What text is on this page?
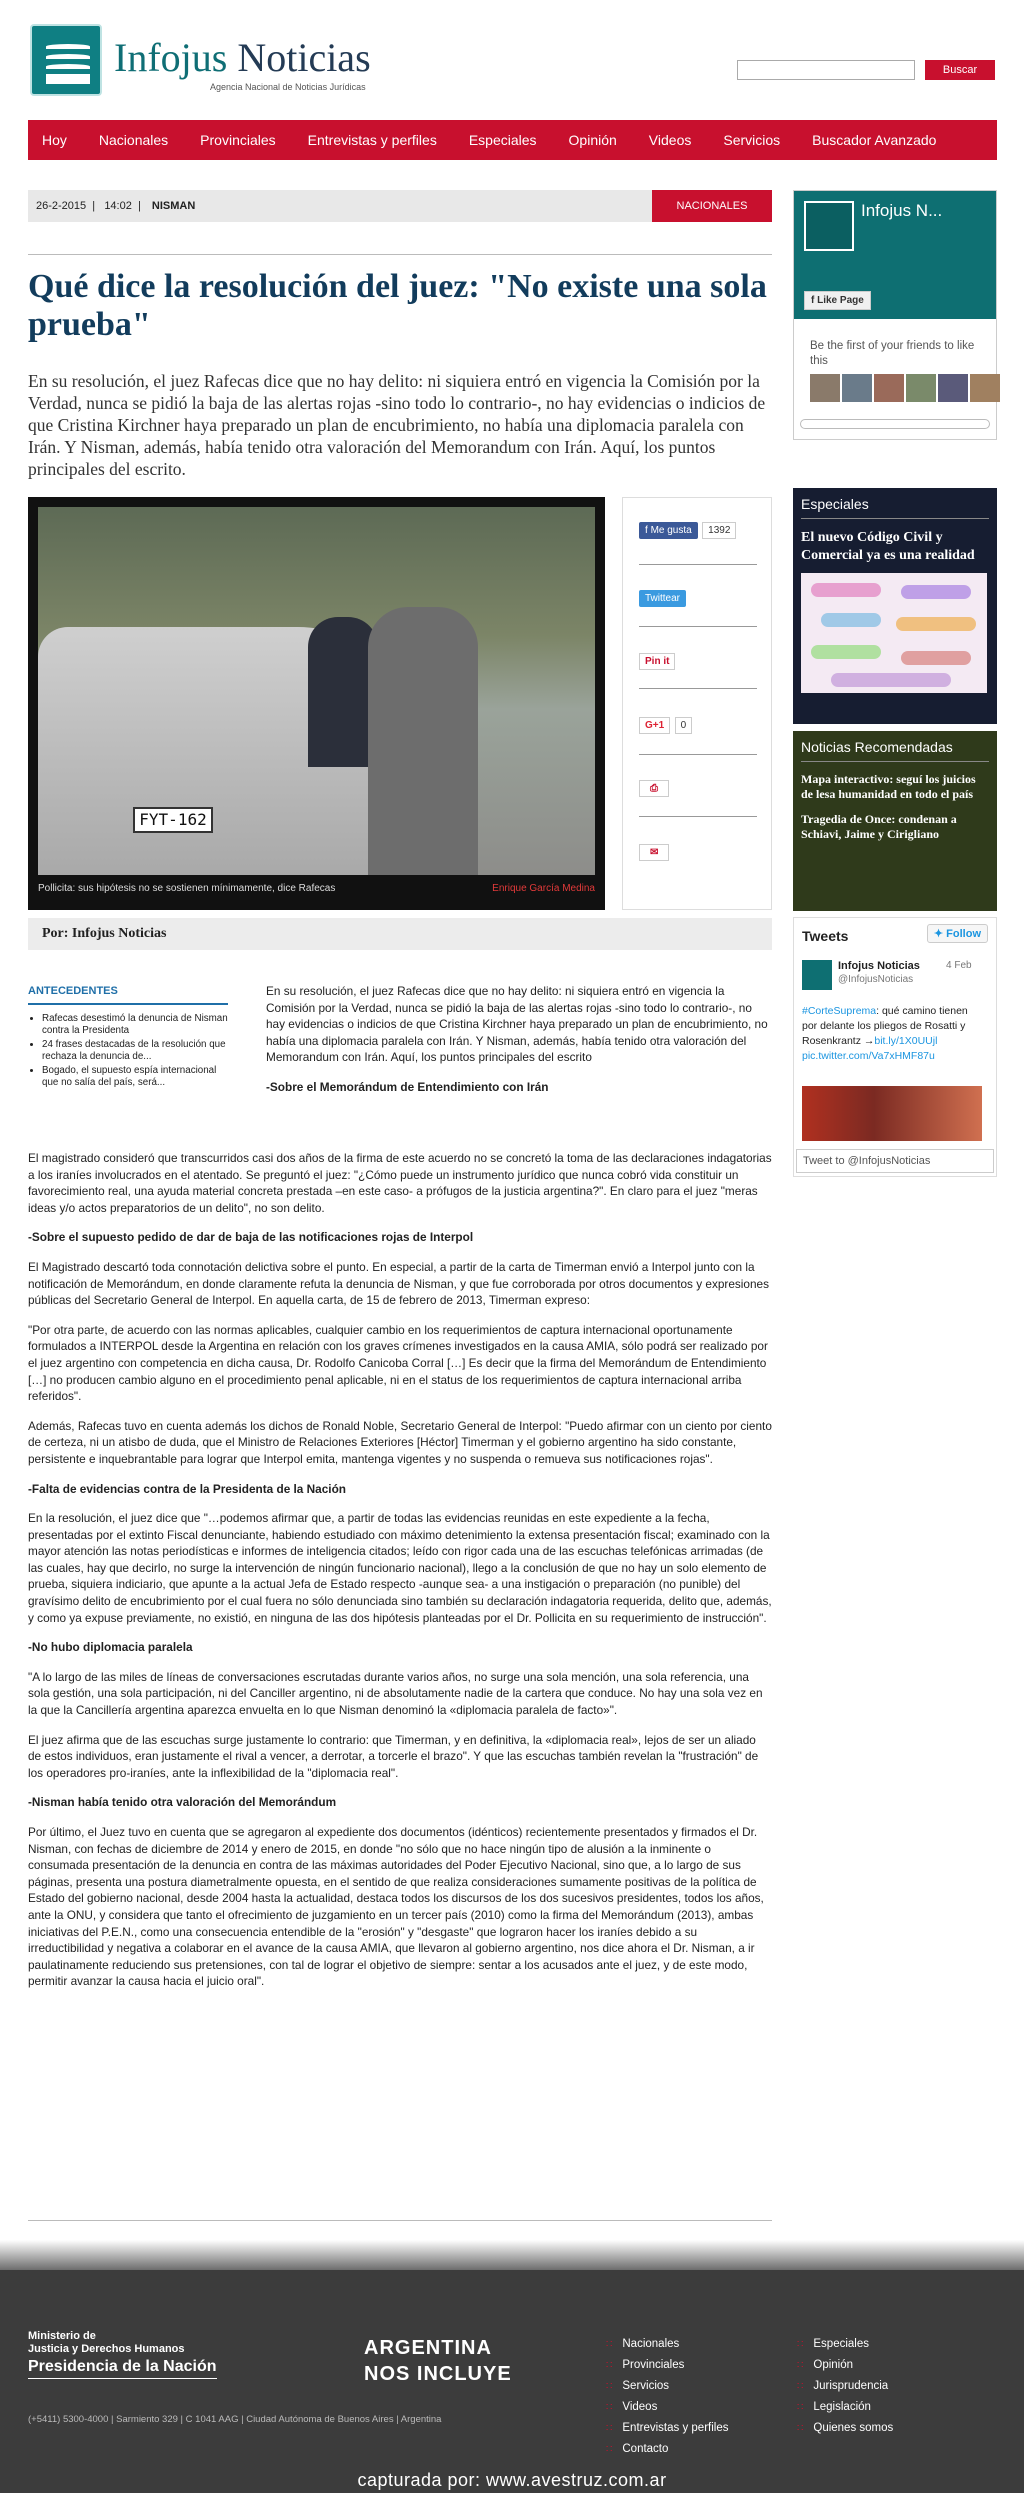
Infojus Noticias
Agencia Nacional de Noticias Jurídicas
Buscar
Hoy Nacionales Provinciales Entrevistas y perfiles Especiales Opinión Videos Servicios Buscador Avanzado
26-2-2015  |   14:02  | NISMAN	NACIONALES
Qué dice la resolución del juez: "No existe una sola prueba"

En su resolución, el juez Rafecas dice que no hay delito: ni siquiera entró en vigencia la Comisión por la Verdad, nunca se pidió la baja de las alertas rojas -sino todo lo contrario-, no hay evidencias o indicios de que Cristina Kirchner haya preparado un plan de encubrimiento, no había una diplomacia paralela con Irán. Y Nisman, además, había tenido otra valoración del Memorandum con Irán. Aquí, los puntos principales del escrito.

FYT-162
Pollicita: sus hipótesis no se sostienen mínimamente, dice Rafecas	Enrique García Medina
f Me gusta 1392
Twittear
Pin it
G+1 0
⎙
✉
Por: Infojus Noticias
ANTECEDENTES
• Rafecas desestimó la denuncia de Nisman contra la Presidenta
• 24 frases destacadas de la resolución que rechaza la denuncia de...
• Bogado, el supuesto espía internacional que no salía del país, será...

En su resolución, el juez Rafecas dice que no hay delito: ni siquiera entró en vigencia la Comisión por la Verdad, nunca se pidió la baja de las alertas rojas -sino todo lo contrario-, no hay evidencias o indicios de que Cristina Kirchner haya preparado un plan de encubrimiento, no había una diplomacia paralela con Irán. Y Nisman, además, había tenido otra valoración del Memorandum con Irán. Aquí, los puntos principales del escrito

-Sobre el Memorándum de Entendimiento con Irán

El magistrado consideró que transcurridos casi dos años de la firma de este acuerdo no se concretó la toma de las declaraciones indagatorias a los iraníes involucrados en el atentado. Se preguntó el juez: "¿Cómo puede un instrumento jurídico que nunca cobró vida constituir un favorecimiento real, una ayuda material concreta prestada –en este caso- a prófugos de la justicia argentina?". En claro para el juez "meras ideas y/o actos preparatorios de un delito", no son delito.

-Sobre el supuesto pedido de dar de baja de las notificaciones rojas de Interpol

El Magistrado descartó toda connotación delictiva sobre el punto. En especial, a partir de la carta de Timerman envió a Interpol junto con la notificación de Memorándum, en donde claramente refuta la denuncia de Nisman, y que fue corroborada por otros documentos y expresiones públicas del Secretario General de Interpol. En aquella carta, de 15 de febrero de 2013, Timerman expreso:

"Por otra parte, de acuerdo con las normas aplicables, cualquier cambio en los requerimientos de captura internacional oportunamente formulados a INTERPOL desde la Argentina en relación con los graves crímenes investigados en la causa AMIA, sólo podrá ser realizado por el juez argentino con competencia en dicha causa, Dr. Rodolfo Canicoba Corral […] Es decir que la firma del Memorándum de Entendimiento […] no producen cambio alguno en el procedimiento penal aplicable, ni en el status de los requerimientos de captura internacional arriba referidos".

Además, Rafecas tuvo en cuenta además los dichos de Ronald Noble, Secretario General de Interpol: "Puedo afirmar con un ciento por ciento de certeza, ni un atisbo de duda, que el Ministro de Relaciones Exteriores [Héctor] Timerman y el gobierno argentino ha sido constante, persistente e inquebrantable para lograr que Interpol emita, mantenga vigentes y no suspenda o remueva sus notificaciones rojas".

-Falta de evidencias contra de la Presidenta de la Nación

En la resolución, el juez dice que "…podemos afirmar que, a partir de todas las evidencias reunidas en este expediente a la fecha, presentadas por el extinto Fiscal denunciante, habiendo estudiado con máximo detenimiento la extensa presentación fiscal; examinado con la mayor atención las notas periodísticas e informes de inteligencia citados; leído con rigor cada una de las escuchas telefónicas arrimadas (de las cuales, hay que decirlo, no surge la intervención de ningún funcionario nacional), llego a la conclusión de que no hay un solo elemento de prueba, siquiera indiciario, que apunte a la actual Jefa de Estado respecto -aunque sea- a una instigación o preparación (no punible) del gravísimo delito de encubrimiento por el cual fuera no sólo denunciada sino también su declaración indagatoria requerida, delito que, además, y como ya expuse previamente, no existió, en ninguna de las dos hipótesis planteadas por el Dr. Pollicita en su requerimiento de instrucción".

-No hubo diplomacia paralela

"A lo largo de las miles de líneas de conversaciones escrutadas durante varios años, no surge una sola mención, una sola referencia, una sola gestión, una sola participación, ni del Canciller argentino, ni de absolutamente nadie de la cartera que conduce. No hay una sola vez en la que la Cancillería argentina aparezca envuelta en lo que Nisman denominó la «diplomacia paralela de facto»".

El juez afirma que de las escuchas surge justamente lo contrario: que Timerman, y en definitiva, la «diplomacia real», lejos de ser un aliado de estos individuos, eran justamente el rival a vencer, a derrotar, a torcerle el brazo". Y que las escuchas también revelan la "frustración" de los operadores pro-iraníes, ante la inflexibilidad de la "diplomacia real".

-Nisman había tenido otra valoración del Memorándum

Por último, el Juez tuvo en cuenta que se agregaron al expediente dos documentos (idénticos) recientemente presentados y firmados el Dr. Nisman, con fechas de diciembre de 2014 y enero de 2015, en donde "no sólo que no hace ningún tipo de alusión a la inminente o consumada presentación de la denuncia en contra de las máximas autoridades del Poder Ejecutivo Nacional, sino que, a lo largo de sus páginas, presenta una postura diametralmente opuesta, en el sentido de que realiza consideraciones sumamente positivas de la política de Estado del gobierno nacional, desde 2004 hasta la actualidad, destaca todos los discursos de los dos sucesivos presidentes, todos los años, ante la ONU, y considera que tanto el ofrecimiento de juzgamiento en un tercer país (2010) como la firma del Memorándum (2013), ambas iniciativas del P.E.N., como una consecuencia entendible de la "erosión" y "desgaste" que lograron hacer los iraníes debido a su irreductibilidad y negativa a colaborar en el avance de la causa AMIA, que llevaron al gobierno argentino, nos dice ahora el Dr. Nisman, a ir paulatinamente reduciendo sus pretensiones, con tal de lograr el objetivo de siempre: sentar a los acusados ante el juez, y de este modo, permitir avanzar la causa hacia el juicio oral".

Infojus N...
f Like Page
Be the first of your friends to like this
Especiales
El nuevo Código Civil y Comercial ya es una realidad
Noticias Recomendadas
Mapa interactivo: seguí los juicios de lesa humanidad en todo el país
Tragedia de Once: condenan a Schiavi, Jaime y Cirigliano
Tweets	✦ Follow
Infojus Noticias
@InfojusNoticias
4 Feb
#CorteSuprema: qué camino tienen por delante los pliegos de Rosatti y Rosenkrantz →bit.ly/1X0UUjl
pic.twitter.com/Va7xHMF87u
Tweet to @InfojusNoticias
Ministerio de
Justicia y Derechos Humanos
Presidencia de la Nación
ARGENTINA
NOS INCLUYE
(+5411) 5300-4000 | Sarmiento 329 | C 1041 AAG | Ciudad Autónoma de Buenos Aires | Argentina
∷ Nacionales
∷ Provinciales
∷ Servicios
∷ Videos
∷ Entrevistas y perfiles
∷ Contacto
∷ Especiales
∷ Opinión
∷ Jurisprudencia
∷ Legislación
∷ Quienes somos
capturada por: www.avestruz.com.ar
